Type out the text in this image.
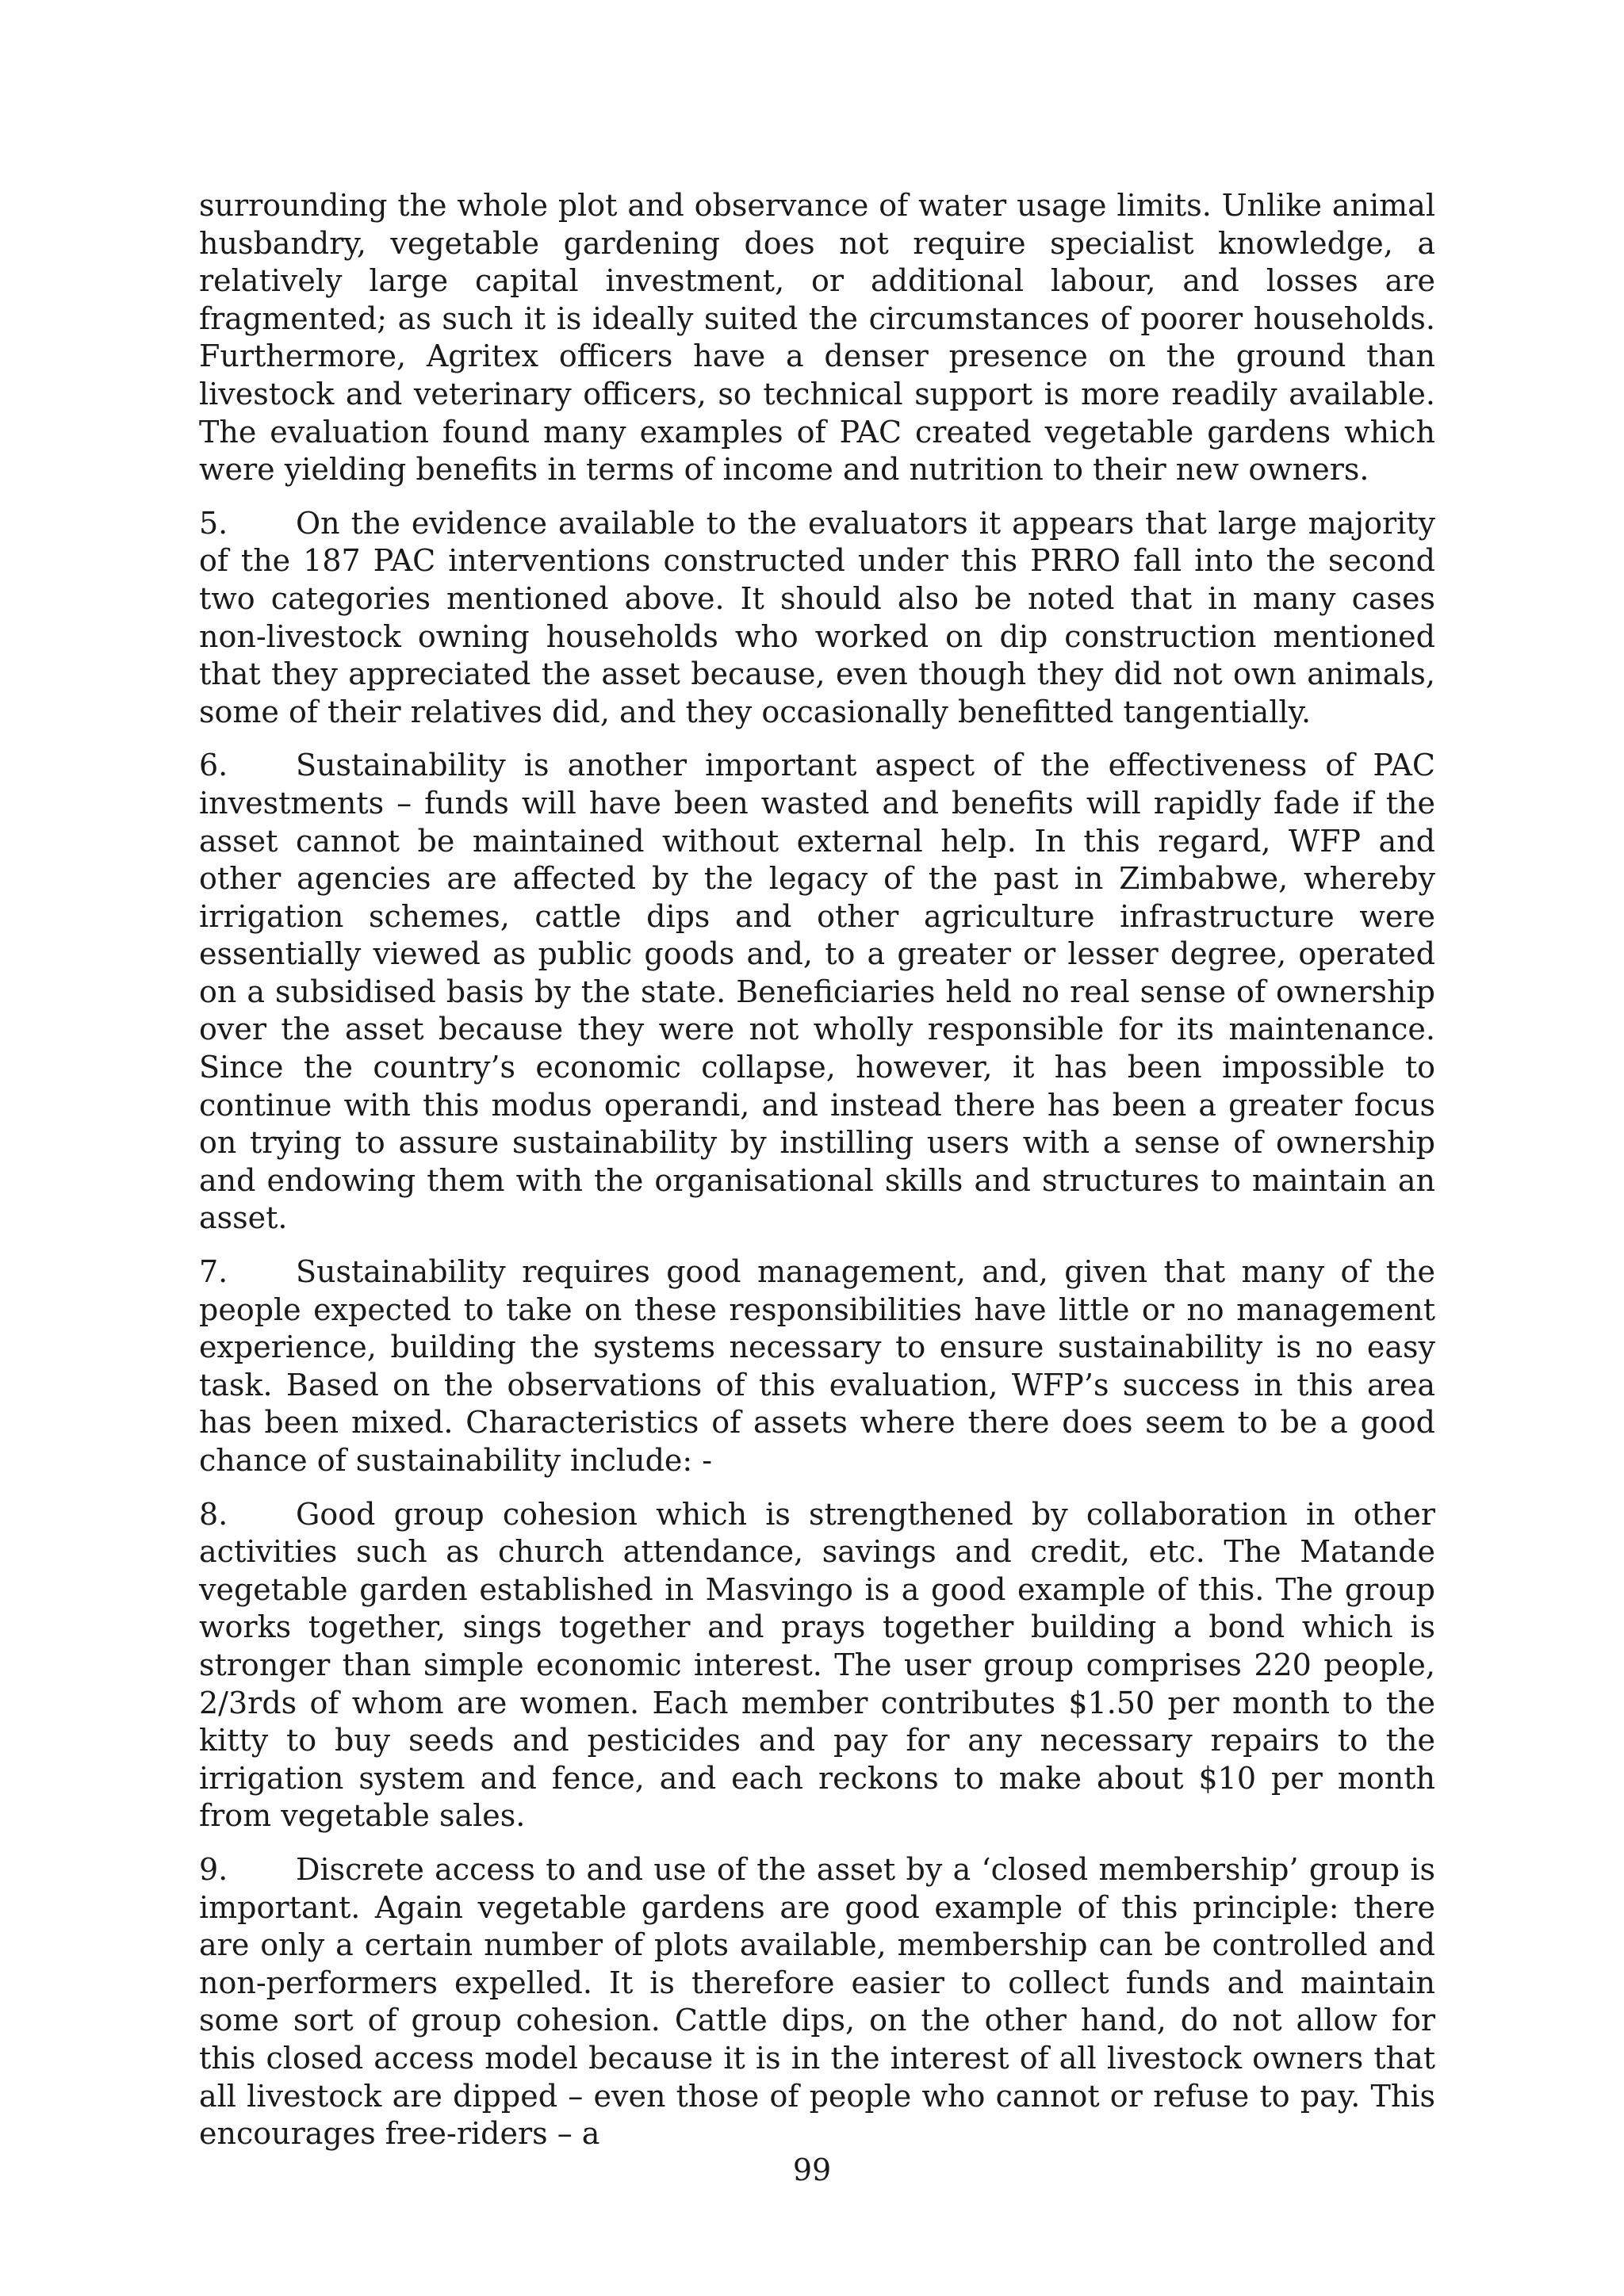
surrounding the whole plot and observance of water usage limits. Unlike animal husbandry, vegetable gardening does not require specialist knowledge, a relatively large capital investment, or additional labour, and losses are fragmented; as such it is ideally suited the circumstances of poorer households. Furthermore, Agritex officers have a denser presence on the ground than livestock and veterinary officers, so technical support is more readily available. The evaluation found many examples of PAC created vegetable gardens which were yielding benefits in terms of income and nutrition to their new owners.

5. On the evidence available to the evaluators it appears that large majority of the 187 PAC interventions constructed under this PRRO fall into the second two categories mentioned above. It should also be noted that in many cases non-livestock owning households who worked on dip construction mentioned that they appreciated the asset because, even though they did not own animals, some of their relatives did, and they occasionally benefitted tangentially.

6. Sustainability is another important aspect of the effectiveness of PAC investments – funds will have been wasted and benefits will rapidly fade if the asset cannot be maintained without external help. In this regard, WFP and other agencies are affected by the legacy of the past in Zimbabwe, whereby irrigation schemes, cattle dips and other agriculture infrastructure were essentially viewed as public goods and, to a greater or lesser degree, operated on a subsidised basis by the state. Beneficiaries held no real sense of ownership over the asset because they were not wholly responsible for its maintenance. Since the country’s economic collapse, however, it has been impossible to continue with this modus operandi, and instead there has been a greater focus on trying to assure sustainability by instilling users with a sense of ownership and endowing them with the organisational skills and structures to maintain an asset.

7. Sustainability requires good management, and, given that many of the people expected to take on these responsibilities have little or no management experience, building the systems necessary to ensure sustainability is no easy task. Based on the observations of this evaluation, WFP’s success in this area has been mixed. Characteristics of assets where there does seem to be a good chance of sustainability include: -

8. Good group cohesion which is strengthened by collaboration in other activities such as church attendance, savings and credit, etc. The Matande vegetable garden established in Masvingo is a good example of this. The group works together, sings together and prays together building a bond which is stronger than simple economic interest. The user group comprises 220 people, 2/3rds of whom are women. Each member contributes $1.50 per month to the kitty to buy seeds and pesticides and pay for any necessary repairs to the irrigation system and fence, and each reckons to make about $10 per month from vegetable sales.

9. Discrete access to and use of the asset by a ‘closed membership’ group is important. Again vegetable gardens are good example of this principle: there are only a certain number of plots available, membership can be controlled and non-performers expelled. It is therefore easier to collect funds and maintain some sort of group cohesion. Cattle dips, on the other hand, do not allow for this closed access model because it is in the interest of all livestock owners that all livestock are dipped – even those of people who cannot or refuse to pay. This encourages free-riders – a

99
